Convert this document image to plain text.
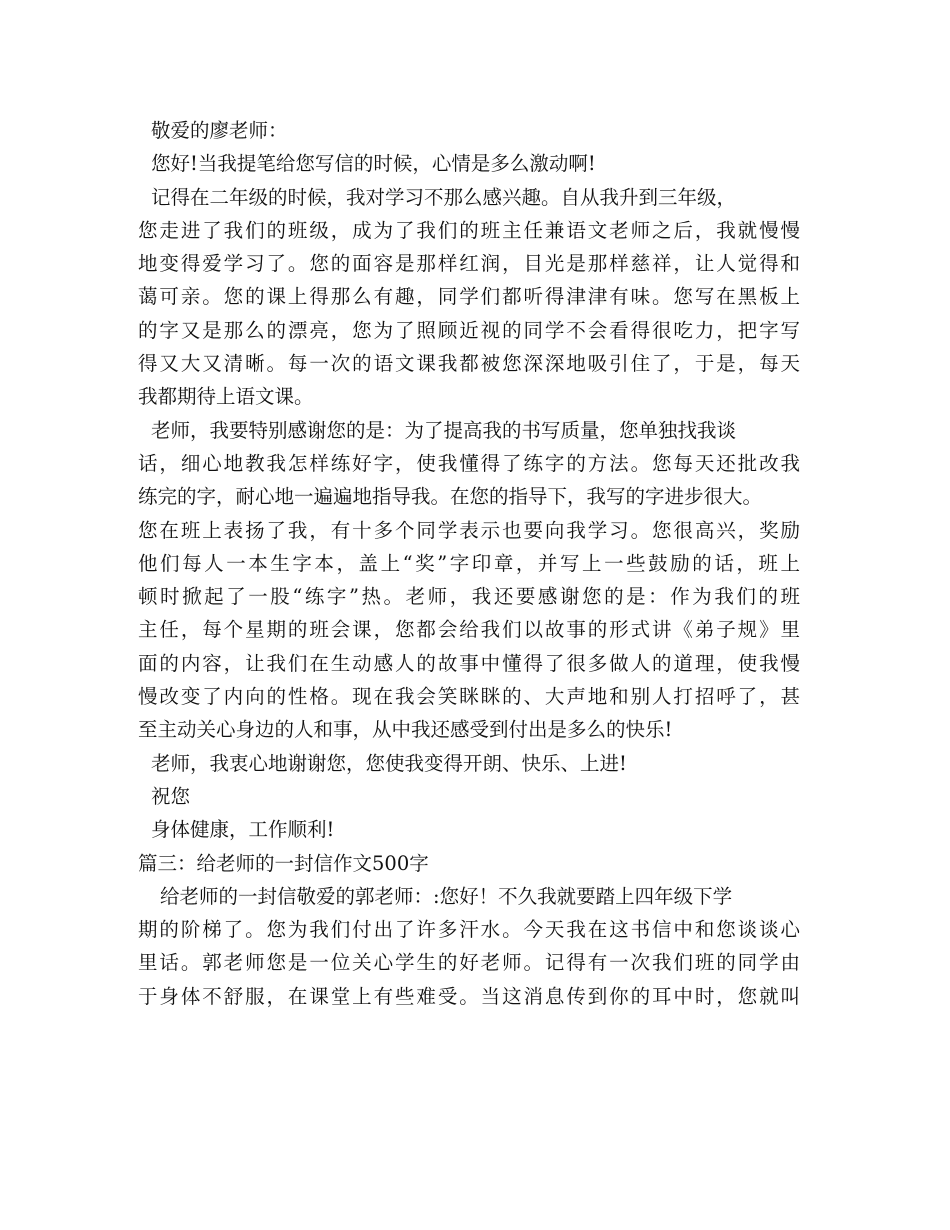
敬爱的廖老师：
您好!当我提笔给您写信的时候，心情是多么激动啊!
记得在二年级的时候，我对学习不那么感兴趣。自从我升到三年级，
您走进了我们的班级，成为了我们的班主任兼语文老师之后，我就慢慢
地变得爱学习了。您的面容是那样红润，目光是那样慈祥，让人觉得和
蔼可亲。您的课上得那么有趣，同学们都听得津津有味。您写在黑板上
的字又是那么的漂亮，您为了照顾近视的同学不会看得很吃力，把字写
得又大又清晰。每一次的语文课我都被您深深地吸引住了，于是，每天
我都期待上语文课。
老师，我要特别感谢您的是：为了提高我的书写质量，您单独找我谈
话，细心地教我怎样练好字，使我懂得了练字的方法。您每天还批改我
练完的字，耐心地一遍遍地指导我。在您的指导下，我写的字进步很大。
您在班上表扬了我，有十多个同学表示也要向我学习。您很高兴，奖励
他们每人一本生字本，盖上“奖”字印章，并写上一些鼓励的话，班上
顿时掀起了一股“练字”热。老师，我还要感谢您的是：作为我们的班
主任，每个星期的班会课，您都会给我们以故事的形式讲《弟子规》里
面的内容，让我们在生动感人的故事中懂得了很多做人的道理，使我慢
慢改变了内向的性格。现在我会笑眯眯的、大声地和别人打招呼了，甚
至主动关心身边的人和事，从中我还感受到付出是多么的快乐!
老师，我衷心地谢谢您，您使我变得开朗、快乐、上进!
祝您
身体健康，工作顺利!
篇三：给老师的一封信作文500字
给老师的一封信敬爱的郭老师：:您好！不久我就要踏上四年级下学
期的阶梯了。您为我们付出了许多汗水。今天我在这书信中和您谈谈心
里话。郭老师您是一位关心学生的好老师。记得有一次我们班的同学由
于身体不舒服，在课堂上有些难受。当这消息传到你的耳中时，您就叫
